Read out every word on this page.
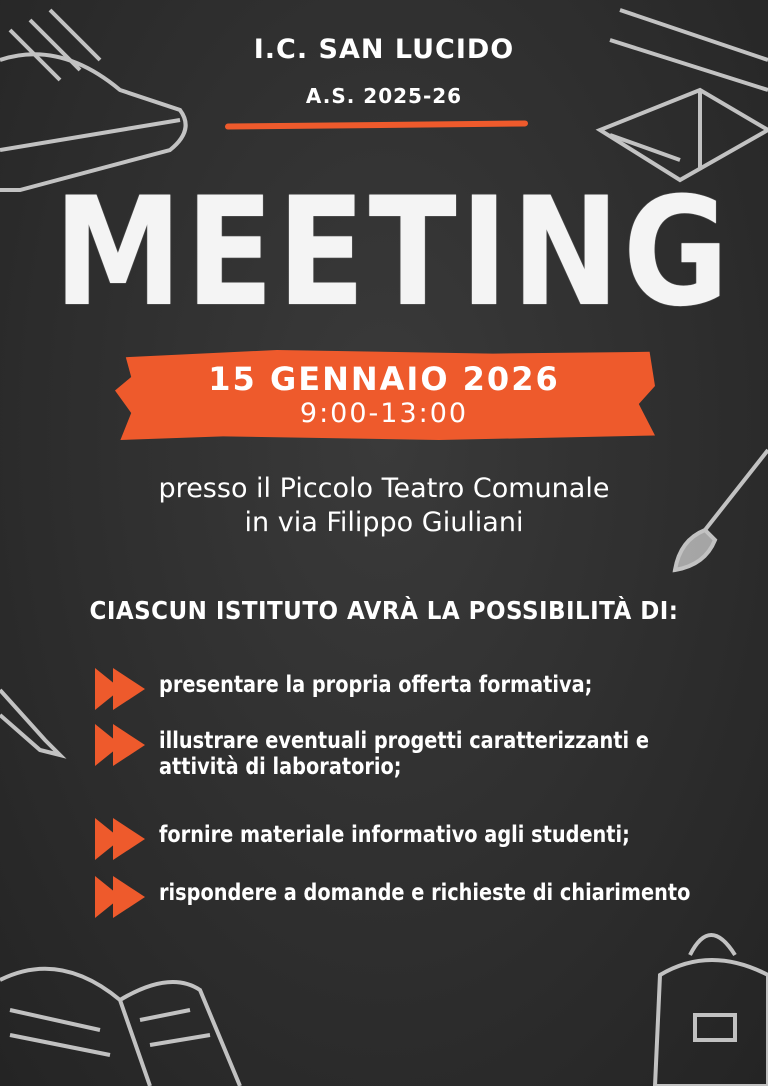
I.C. SAN LUCIDO
A.S. 2025-26
MEETING
15 GENNAIO 2026
9:00-13:00
presso il Piccolo Teatro Comunale
in via Filippo Giuliani
CIASCUN ISTITUTO AVRÀ LA POSSIBILITÀ DI:
presentare la propria offerta formativa;
illustrare eventuali progetti caratterizzanti e
attività di laboratorio;
fornire materiale informativo agli studenti;
rispondere a domande e richieste di chiarimento
